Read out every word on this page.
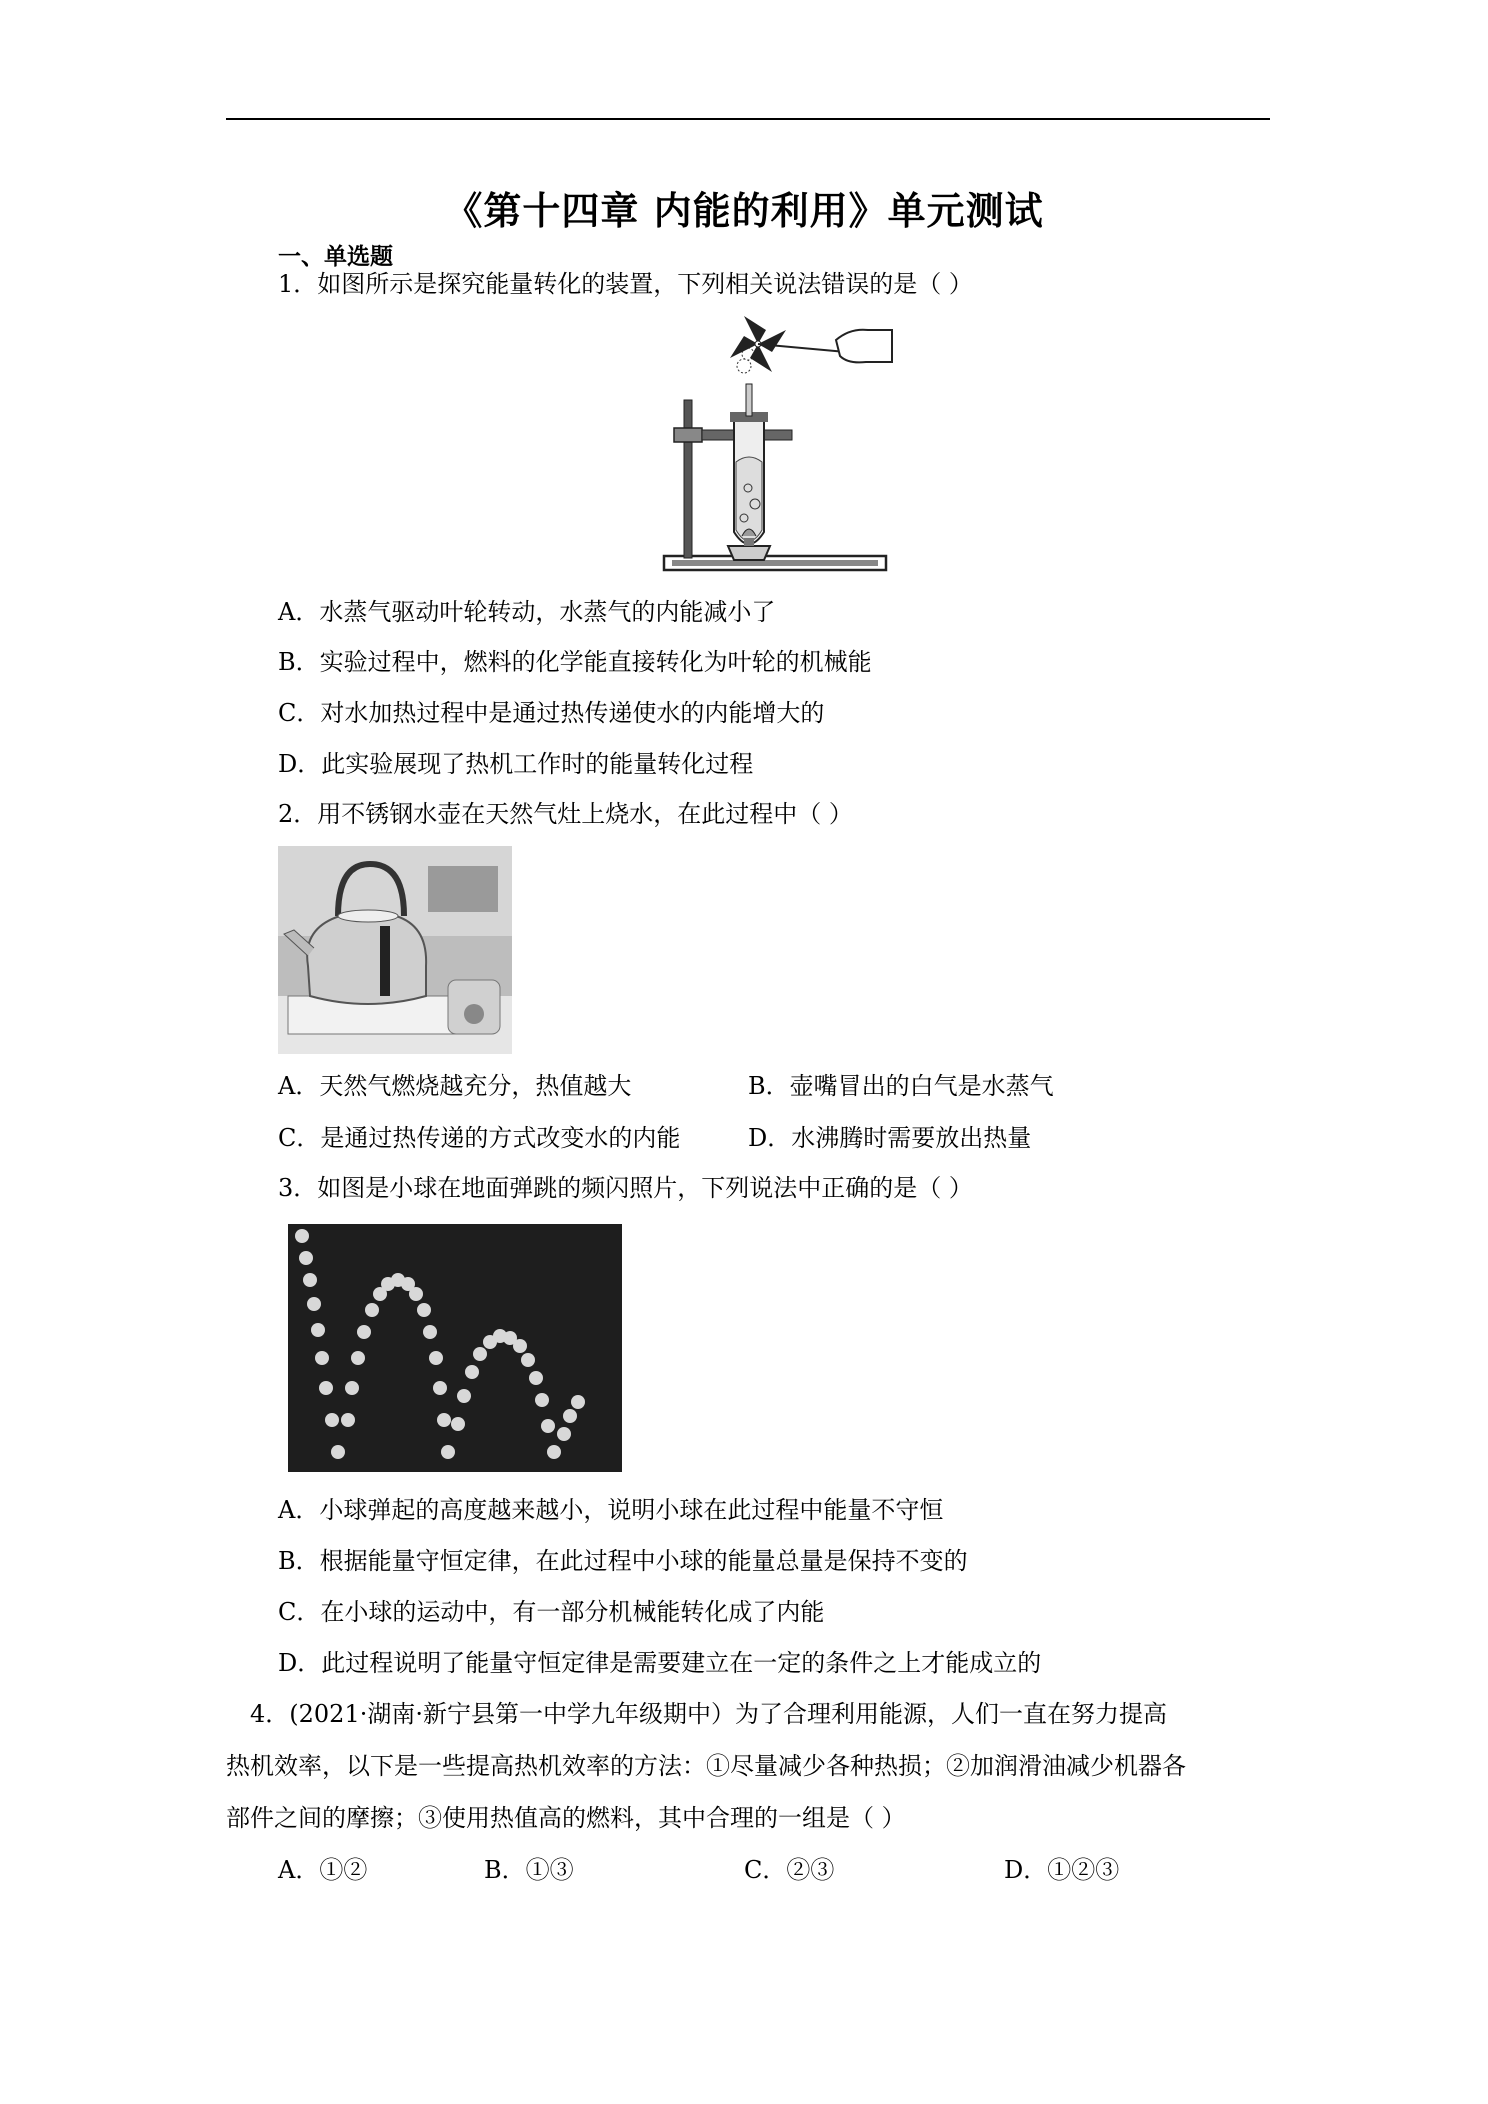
《第十四章 内能的利用》单元测试
一、单选题
1．如图所示是探究能量转化的装置，下列相关说法错误的是（ ）
A．水蒸气驱动叶轮转动，水蒸气的内能减小了
B．实验过程中，燃料的化学能直接转化为叶轮的机械能
C．对水加热过程中是通过热传递使水的内能增大的
D．此实验展现了热机工作时的能量转化过程
2．用不锈钢水壶在天然气灶上烧水，在此过程中（ ）
A．天然气燃烧越充分，热值越大	B．壶嘴冒出的白气是水蒸气
C．是通过热传递的方式改变水的内能	D．水沸腾时需要放出热量
3．如图是小球在地面弹跳的频闪照片，下列说法中正确的是（ ）
A．小球弹起的高度越来越小，说明小球在此过程中能量不守恒
B．根据能量守恒定律，在此过程中小球的能量总量是保持不变的
C．在小球的运动中，有一部分机械能转化成了内能
D．此过程说明了能量守恒定律是需要建立在一定的条件之上才能成立的
4．(2021·湖南·新宁县第一中学九年级期中）为了合理利用能源，人们一直在努力提高
热机效率，以下是一些提高热机效率的方法：①尽量减少各种热损；②加润滑油减少机器各
部件之间的摩擦；③使用热值高的燃料，其中合理的一组是（ ）
A．①②	B．①③	C．②③	D．①②③
